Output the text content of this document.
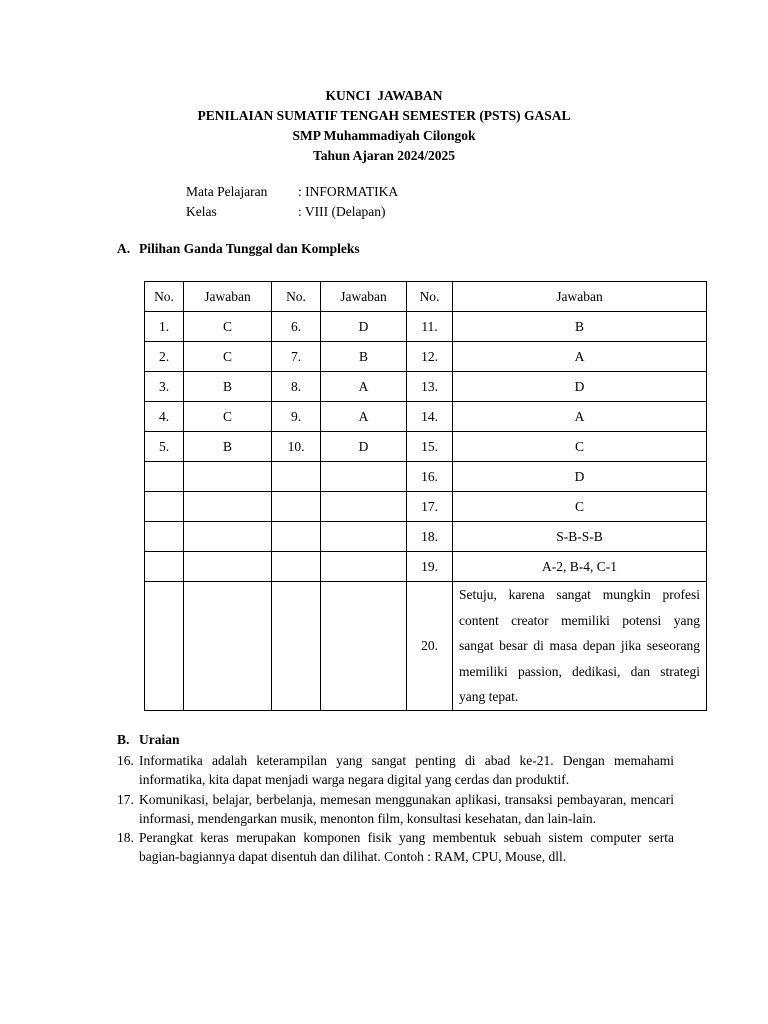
KUNCI  JAWABAN
PENILAIAN SUMATIF TENGAH SEMESTER (PSTS) GASAL
SMP Muhammadiyah Cilongok
Tahun Ajaran 2024/2025
Mata Pelajaran	: INFORMATIKA
Kelas	: VIII (Delapan)
A. Pilihan Ganda Tunggal dan Kompleks
No.	Jawaban	No.	Jawaban	No.	Jawaban
1.	C	6.	D	11.	B
2.	C	7.	B	12.	A
3.	B	8.	A	13.	D
4.	C	9.	A	14.	A
5.	B	10.	D	15.	C
				16.	D
				17.	C
				18.	S-B-S-B
				19.	A-2, B-4, C-1
				20.	Setuju, karena sangat mungkin profesi content creator memiliki potensi yang sangat besar di masa depan jika seseorang memiliki passion, dedikasi, dan strategi yang tepat.
B. Uraian
16. Informatika adalah keterampilan yang sangat penting di abad ke-21. Dengan memahami informatika, kita dapat menjadi warga negara digital yang cerdas dan produktif.
17. Komunikasi, belajar, berbelanja, memesan menggunakan aplikasi, transaksi pembayaran, mencari informasi, mendengarkan musik, menonton film, konsultasi kesehatan, dan lain-lain.
18. Perangkat keras merupakan komponen fisik yang membentuk sebuah sistem computer serta bagian-bagiannya dapat disentuh dan dilihat. Contoh : RAM, CPU, Mouse, dll.
